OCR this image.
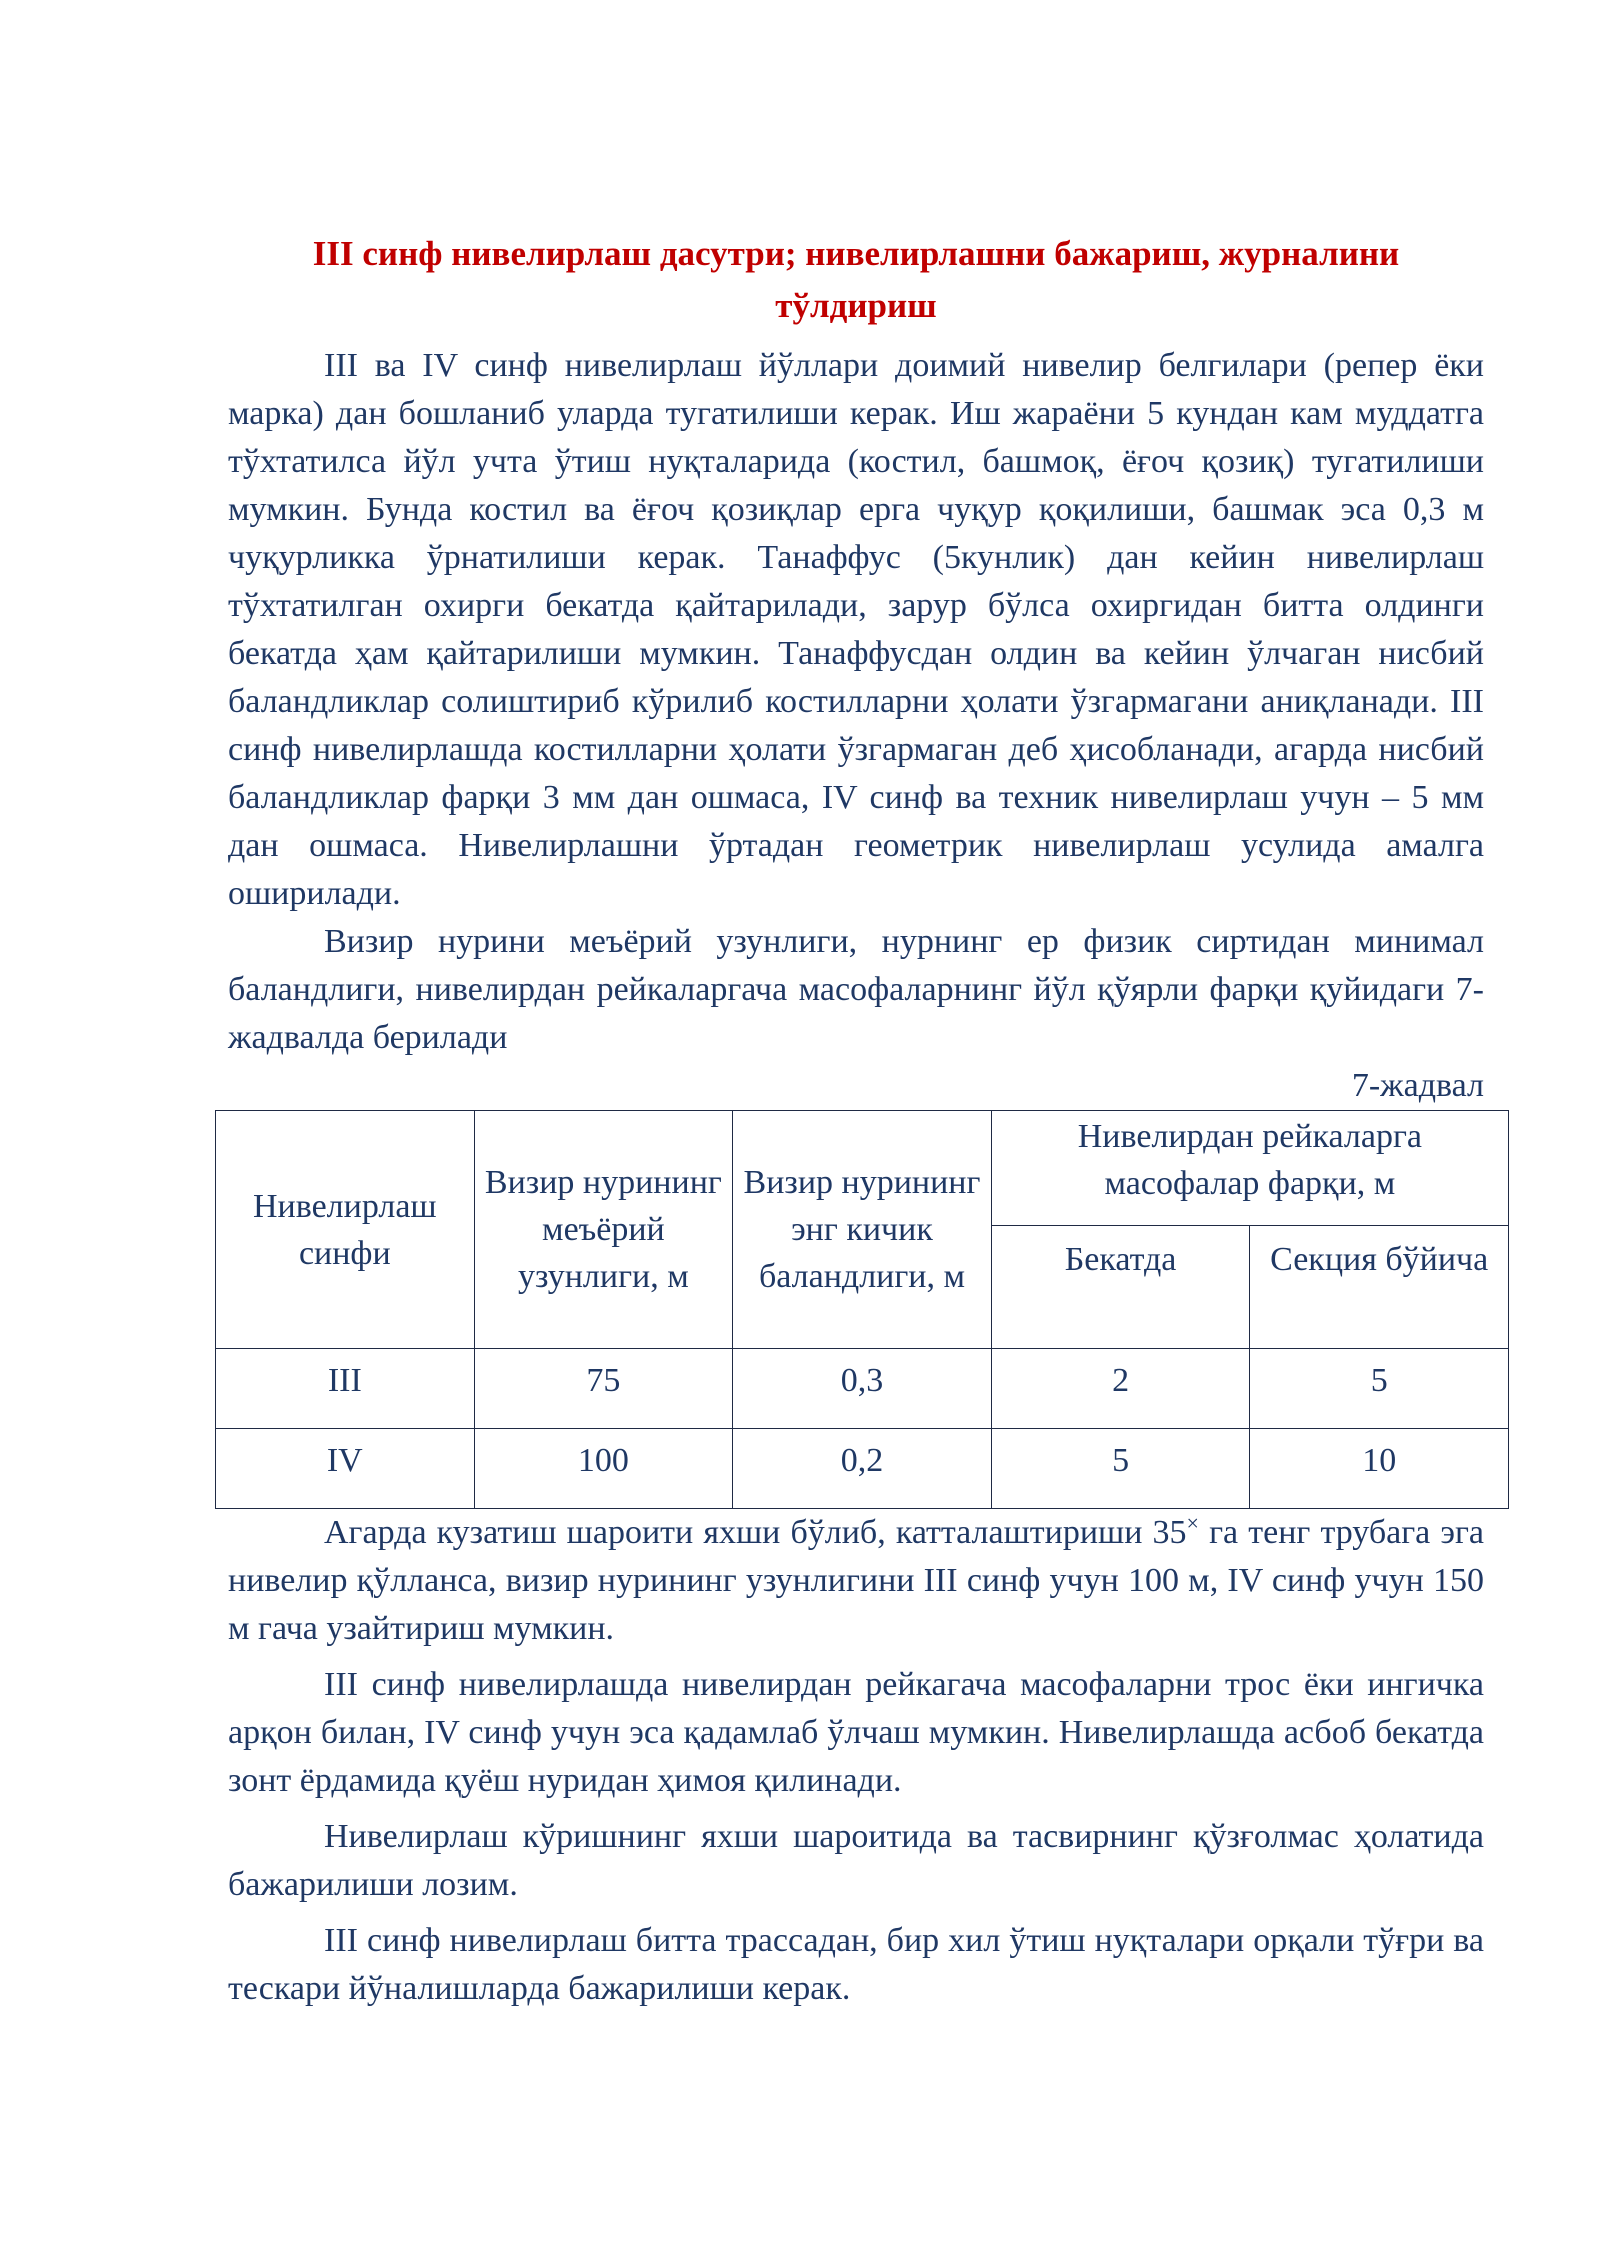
III синф нивелирлаш дасутри; нивелирлашни бажариш, журналини тўлдириш

III ва IV синф нивелирлаш йўллари доимий нивелир белгилари (репер ёки марка) дан бошланиб уларда тугатилиши керак. Иш жараёни 5 кундан кам муддатга тўхтатилса йўл учта ўтиш нуқталарида (костил, башмоқ, ёғоч қозиқ) тугатилиши мумкин. Бунда костил ва ёғоч қозиқлар ерга чуқур қоқилиши, башмак эса 0,3 м чуқурликка ўрнатилиши керак. Танаффус (5кунлик) дан кейин нивелирлаш тўхтатилган охирги бекатда қайтарилади, зарур бўлса охиргидан битта олдинги бекатда ҳам қайтарилиши мумкин. Танаффусдан олдин ва кейин ўлчаган нисбий баландликлар солиштириб кўрилиб костилларни ҳолати ўзгармагани аниқланади. III синф нивелирлашда костилларни ҳолати ўзгармаган деб ҳисобланади, агарда нисбий баландликлар фарқи 3 мм дан ошмаса, IV синф ва техник нивелирлаш учун – 5 мм дан ошмаса. Нивелирлашни ўртадан геометрик нивелирлаш усулида амалга оширилади.

Визир нурини меъёрий узунлиги, нурнинг ер физик сиртидан минимал баландлиги, нивелирдан рейкаларгача масофаларнинг йўл қўярли фарқи қуйидаги 7- жадвалда берилади

7-жадвал

Нивелирлаш синфи	Визир нурининг меъёрий узунлиги, м	Визир нурининг энг кичик баландлиги, м	Нивелирдан рейкаларга масофалар фарқи, м	
			Бекатда	Секция бўйича
III	75	0,3	2	5
IV	100	0,2	5	10

Агарда кузатиш шароити яхши бўлиб, катталаштириши 35× га тенг трубага эга нивелир қўлланса, визир нурининг узунлигини III синф учун 100 м, IV синф учун 150 м гача узайтириш мумкин.

III синф нивелирлашда нивелирдан рейкагача масофаларни трос ёки ингичка арқон билан, IV синф учун эса қадамлаб ўлчаш мумкин. Нивелирлашда асбоб бекатда зонт ёрдамида қуёш нуридан ҳимоя қилинади.

Нивелирлаш кўришнинг яхши шароитида ва тасвирнинг қўзғолмас ҳолатида бажарилиши лозим.

III синф нивелирлаш битта трассадан, бир хил ўтиш нуқталари орқали тўғри ва тескари йўналишларда бажарилиши керак.
